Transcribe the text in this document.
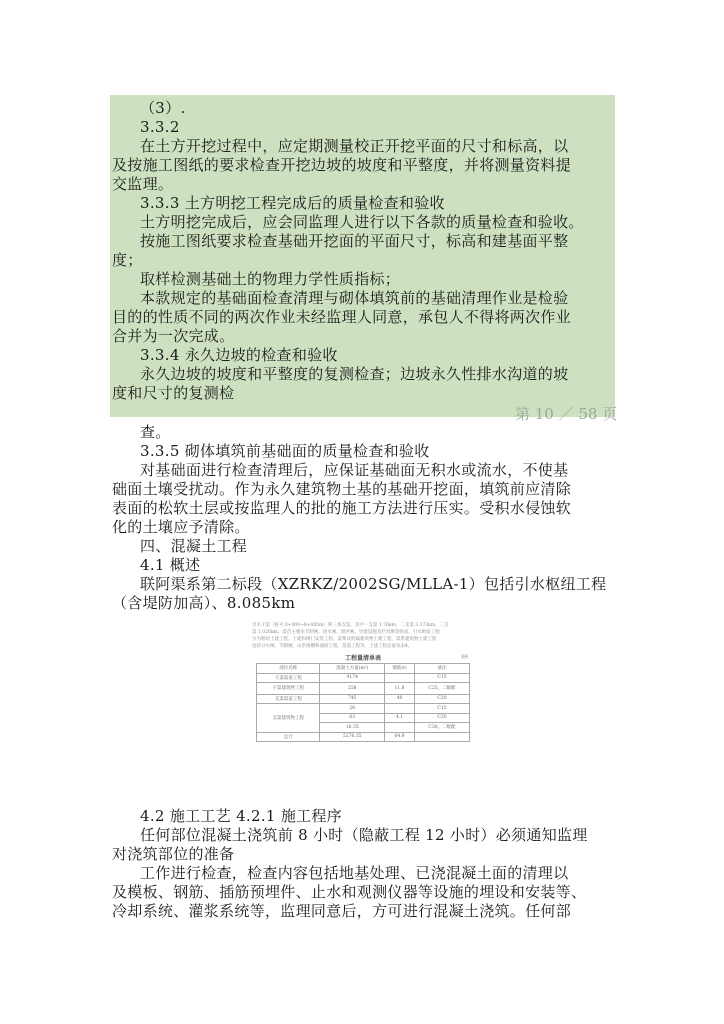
（3）.
3.3.2
在土方开挖过程中，应定期测量校正开挖平面的尺寸和标高，以
及按施工图纸的要求检查开挖边坡的坡度和平整度，并将测量资料提
交监理。
3.3.3 土方明挖工程完成后的质量检查和验收
土方明挖完成后，应会同监理人进行以下各款的质量检查和验收。
按施工图纸要求检查基础开挖面的平面尺寸，标高和建基面平整
度；
取样检测基础土的物理力学性质指标；
本款规定的基础面检查清理与砌体填筑前的基础清理作业是检验
目的的性质不同的两次作业未经监理人同意，承包人不得将两次作业
合并为一次完成。
3.3.4 永久边坡的检查和验收
永久边坡的坡度和平整度的复测检查；边坡永久性排水沟道的坡
度和尺寸的复测检
第 10 ／ 58 页
查。
3.3.5 砌体填筑前基础面的质量检查和验收
对基础面进行检查清理后，应保证基础面无积水或流水，不使基
础面土壤受扰动。作为永久建筑物土基的基础开挖面，填筑前应清除
表面的松软土层或按监理人的批的施工方法进行压实。受积水侵蚀软
化的土壤应予清除。
四、混凝土工程
4.1 概述
联阿渠系第二标段（XZRKZ/2002SG/MLLA-1）包括引水枢纽工程
（含堤防加高）、8.085km
引水干渠（桩号 0+000~8+085m）和三条支渠。其中一支渠 1.76km，二支渠 3.373km，三支
渠 1.026km。渠首主要由节制闸、进水闸、泄洪闸、导流设施及拦河堰等组成，引水枢纽工程
分为枢纽土建工程、土建和闸门安装工程、渠系及附属建筑物土建工程，渠系建筑物土建工程
包括分水闸、节制闸、山洪渡槽和涵洞工程、渠道工程等。土建工程总量见表4。
工程量清单表	表4
部位名称	混凝土方量(m³)	钢筋(t)	备注
干渠渠道工程	4174		C15
干渠建筑物工程	258	11.8	C25，二级配
支渠渠道工程	745	40	C20
支渠建筑物工程	26		C15
	63	4.1	C20
	16.35		C30，二级配
总计	5276.35	64.9	
4.2 施工工艺 4.2.1 施工程序
任何部位混凝土浇筑前 8 小时（隐蔽工程 12 小时）必须通知监理
对浇筑部位的准备
工作进行检查，检查内容包括地基处理、已浇混凝土面的清理以
及模板、钢筋、插筋预埋件、止水和观测仪器等设施的埋设和安装等、
冷却系统、灌浆系统等，监理同意后，方可进行混凝土浇筑。任何部
